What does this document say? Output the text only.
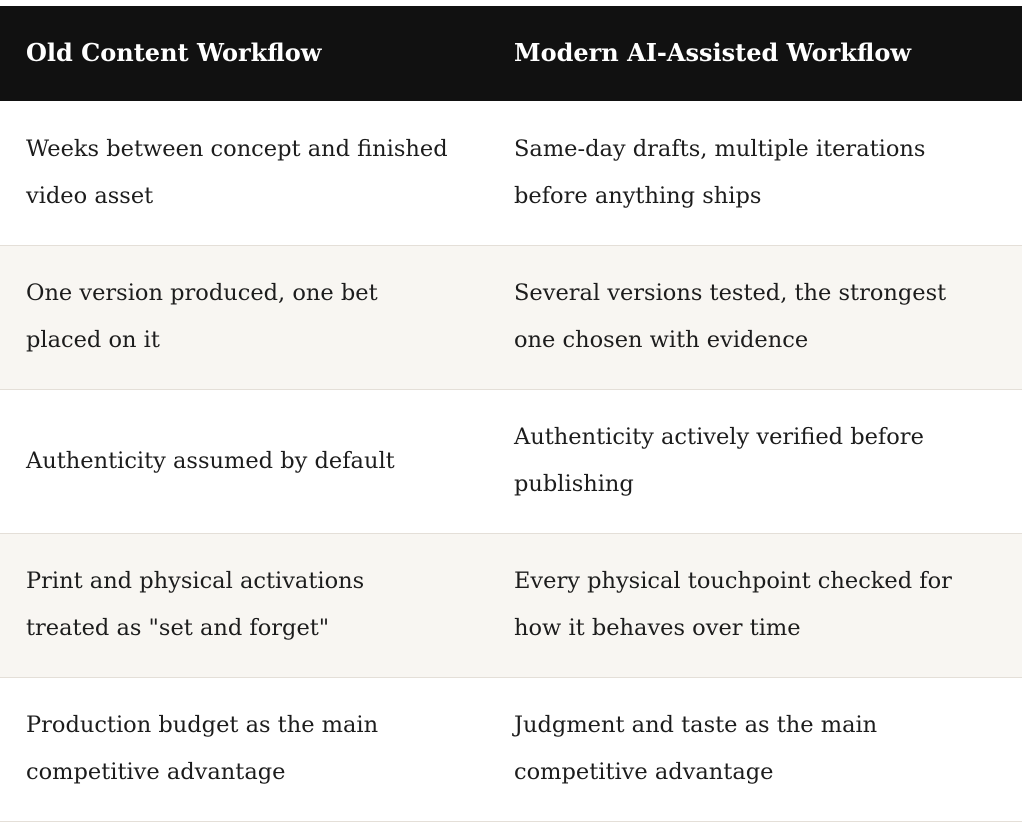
Old Content Workflow	Modern AI-Assisted Workflow
Weeks between concept and finished video asset	Same-day drafts, multiple iterations before anything ships
One version produced, one bet placed on it	Several versions tested, the strongest one chosen with evidence
Authenticity assumed by default	Authenticity actively verified before publishing
Print and physical activations treated as "set and forget"	Every physical touchpoint checked for how it behaves over time
Production budget as the main competitive advantage	Judgment and taste as the main competitive advantage
